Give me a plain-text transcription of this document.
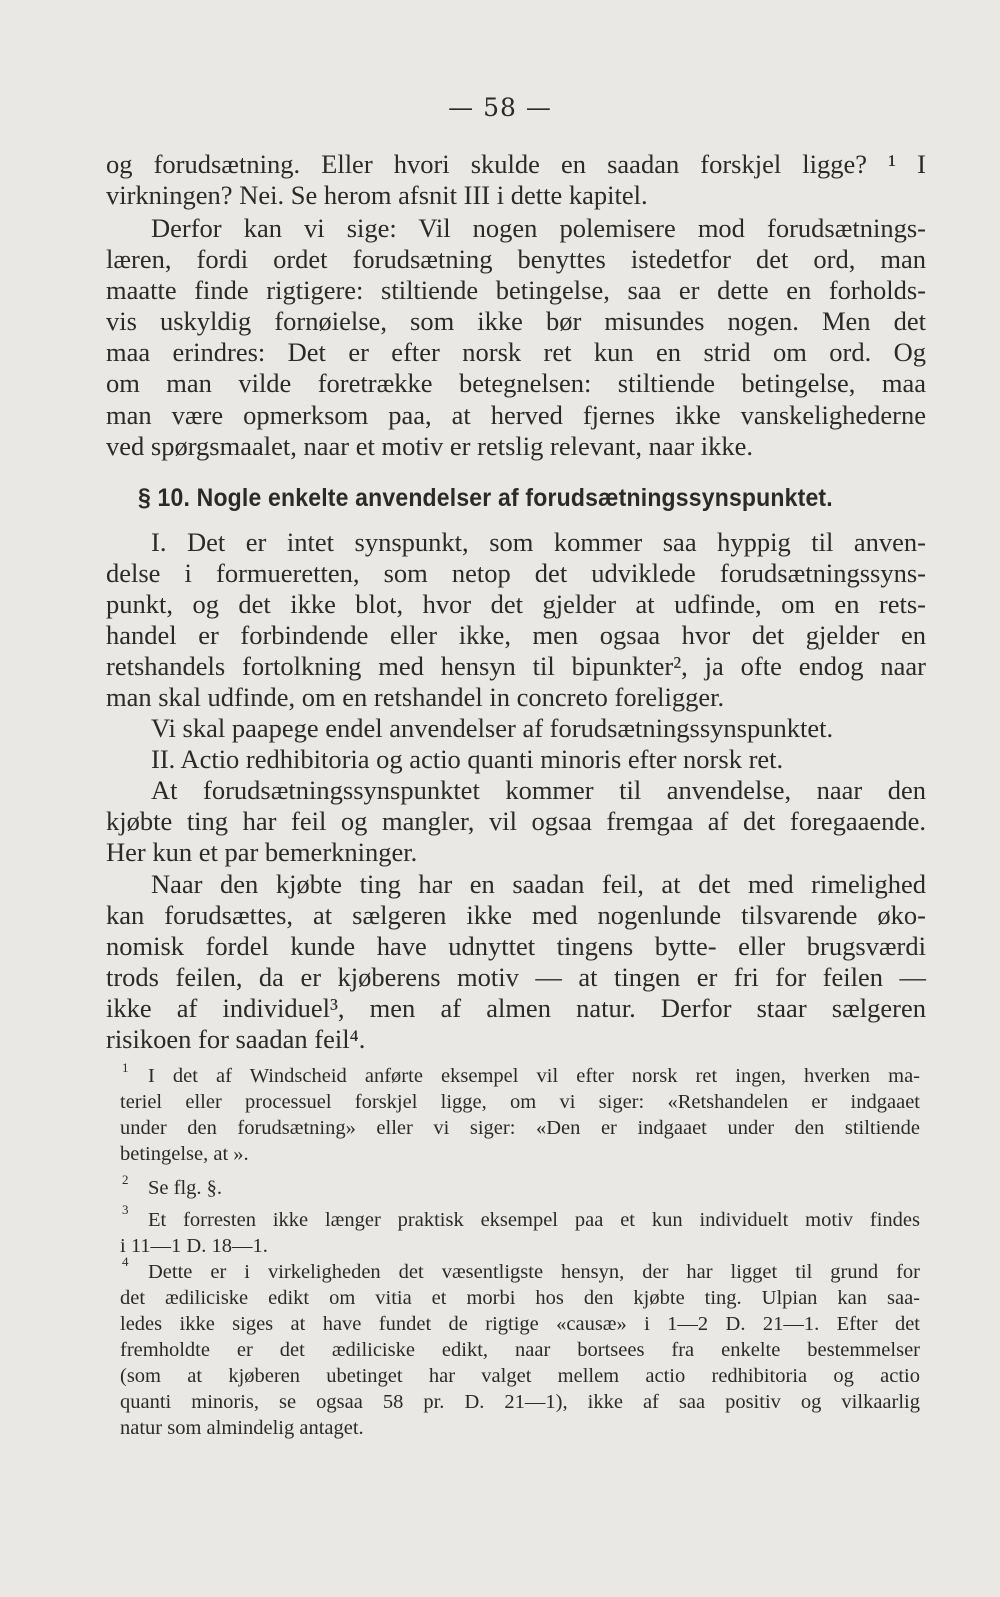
— 58 —
og forudsætning. Eller hvori skulde en saadan forskjel ligge? ¹ I
virkningen? Nei. Se herom afsnit III i dette kapitel.
Derfor kan vi sige: Vil nogen polemisere mod forudsætnings-
læren, fordi ordet forudsætning benyttes istedetfor det ord, man
maatte finde rigtigere: stiltiende betingelse, saa er dette en forholds-
vis uskyldig fornøielse, som ikke bør misundes nogen. Men det
maa erindres: Det er efter norsk ret kun en strid om ord. Og
om man vilde foretrække betegnelsen: stiltiende betingelse, maa
man være opmerksom paa, at herved fjernes ikke vanskelighederne
ved spørgsmaalet, naar et motiv er retslig relevant, naar ikke.
§ 10. Nogle enkelte anvendelser af forudsætningssynspunktet.
I. Det er intet synspunkt, som kommer saa hyppig til anven-
delse i formueretten, som netop det udviklede forudsætningssyns-
punkt, og det ikke blot, hvor det gjelder at udfinde, om en rets-
handel er forbindende eller ikke, men ogsaa hvor det gjelder en
retshandels fortolkning med hensyn til bipunkter², ja ofte endog naar
man skal udfinde, om en retshandel in concreto foreligger.
Vi skal paapege endel anvendelser af forudsætningssynspunktet.
II. Actio redhibitoria og actio quanti minoris efter norsk ret.
At forudsætningssynspunktet kommer til anvendelse, naar den
kjøbte ting har feil og mangler, vil ogsaa fremgaa af det foregaaende.
Her kun et par bemerkninger.
Naar den kjøbte ting har en saadan feil, at det med rimelighed
kan forudsættes, at sælgeren ikke med nogenlunde tilsvarende øko-
nomisk fordel kunde have udnyttet tingens bytte- eller brugsværdi
trods feilen, da er kjøberens motiv — at tingen er fri for feilen —
ikke af individuel³, men af almen natur. Derfor staar sælgeren
risikoen for saadan feil⁴.
1 I det af Windscheid anførte eksempel vil efter norsk ret ingen, hverken ma-
teriel eller processuel forskjel ligge, om vi siger: «Retshandelen er indgaaet
under den forudsætning» eller vi siger: «Den er indgaaet under den stiltiende
betingelse, at ».
2 Se flg. §.
3 Et forresten ikke længer praktisk eksempel paa et kun individuelt motiv findes
i 11—1 D. 18—1.
4 Dette er i virkeligheden det væsentligste hensyn, der har ligget til grund for
det ædiliciske edikt om vitia et morbi hos den kjøbte ting. Ulpian kan saa-
ledes ikke siges at have fundet de rigtige «causæ» i 1—2 D. 21—1. Efter det
fremholdte er det ædiliciske edikt, naar bortsees fra enkelte bestemmelser
(som at kjøberen ubetinget har valget mellem actio redhibitoria og actio
quanti minoris, se ogsaa 58 pr. D. 21—1), ikke af saa positiv og vilkaarlig
natur som almindelig antaget.
